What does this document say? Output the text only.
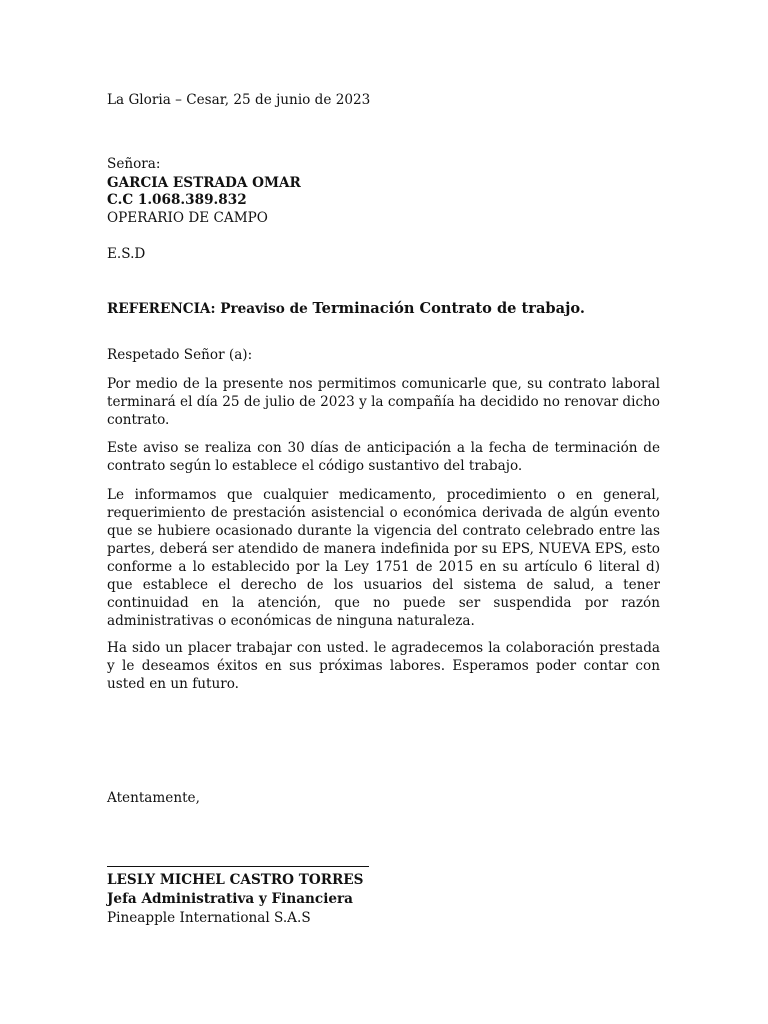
La Gloria – Cesar, 25 de junio de 2023
Señora:
GARCIA ESTRADA OMAR
C.C 1.068.389.832
OPERARIO DE CAMPO
E.S.D
REFERENCIA: Preaviso de Terminación Contrato de trabajo.
Respetado Señor (a):
Por medio de la presente nos permitimos comunicarle que, su contrato laboral terminará el día 25 de julio de 2023 y la compañía ha decidido no renovar dicho contrato.
Este aviso se realiza con 30 días de anticipación a la fecha de terminación de contrato según lo establece el código sustantivo del trabajo.
Le informamos que cualquier medicamento, procedimiento o en general, requerimiento de prestación asistencial o económica derivada de algún evento que se hubiere ocasionado durante la vigencia del contrato celebrado entre las partes, deberá ser atendido de manera indefinida por su EPS, NUEVA EPS, esto conforme a lo establecido por la Ley 1751 de 2015 en su artículo 6 literal d) que establece el derecho de los usuarios del sistema de salud, a tener continuidad en la atención, que no puede ser suspendida por razón administrativas o económicas de ninguna naturaleza.
Ha sido un placer trabajar con usted. le agradecemos la colaboración prestada y le deseamos éxitos en sus próximas labores. Esperamos poder contar con usted en un futuro.
Atentamente,
LESLY MICHEL CASTRO TORRES
Jefa Administrativa y Financiera
Pineapple International S.A.S
